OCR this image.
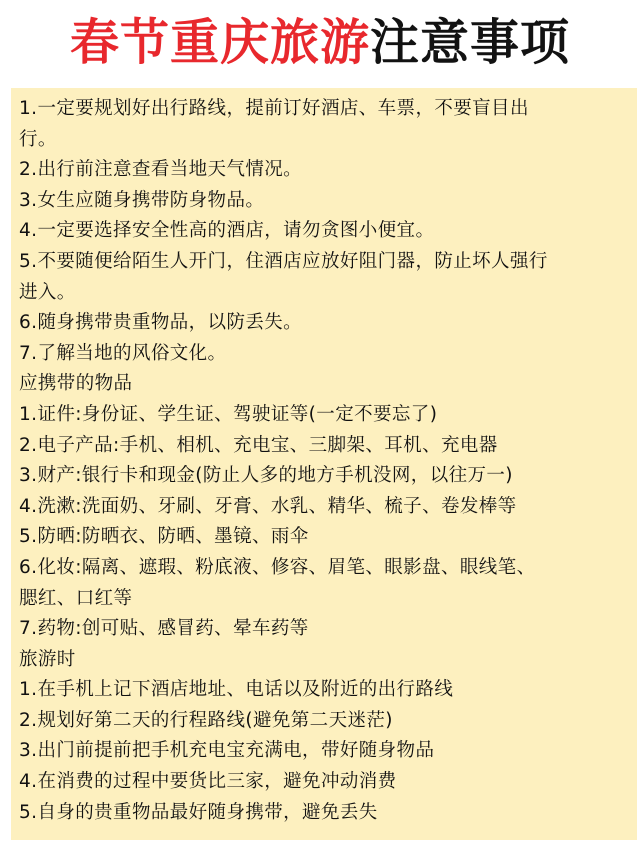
春节重庆旅游注意事项
1.一定要规划好出行路线，提前订好酒店、车票，不要盲目出
行。
2.出行前注意查看当地天气情况。
3.女生应随身携带防身物品。
4.一定要选择安全性高的酒店，请勿贪图小便宜。
5.不要随便给陌生人开门，住酒店应放好阻门器，防止坏人强行
进入。
6.随身携带贵重物品，以防丢失。
7.了解当地的风俗文化。
应携带的物品
1.证件:身份证、学生证、驾驶证等(一定不要忘了)
2.电子产品:手机、相机、充电宝、三脚架、耳机、充电器
3.财产:银行卡和现金(防止人多的地方手机没网，以往万一)
4.洗漱:洗面奶、牙刷、牙膏、水乳、精华、梳子、卷发棒等
5.防晒:防晒衣、防晒、墨镜、雨伞
6.化妆:隔离、遮瑕、粉底液、修容、眉笔、眼影盘、眼线笔、
腮红、口红等
7.药物:创可贴、感冒药、晕车药等
旅游时
1.在手机上记下酒店地址、电话以及附近的出行路线
2.规划好第二天的行程路线(避免第二天迷茫)
3.出门前提前把手机充电宝充满电，带好随身物品
4.在消费的过程中要货比三家，避免冲动消费
5.自身的贵重物品最好随身携带，避免丢失
